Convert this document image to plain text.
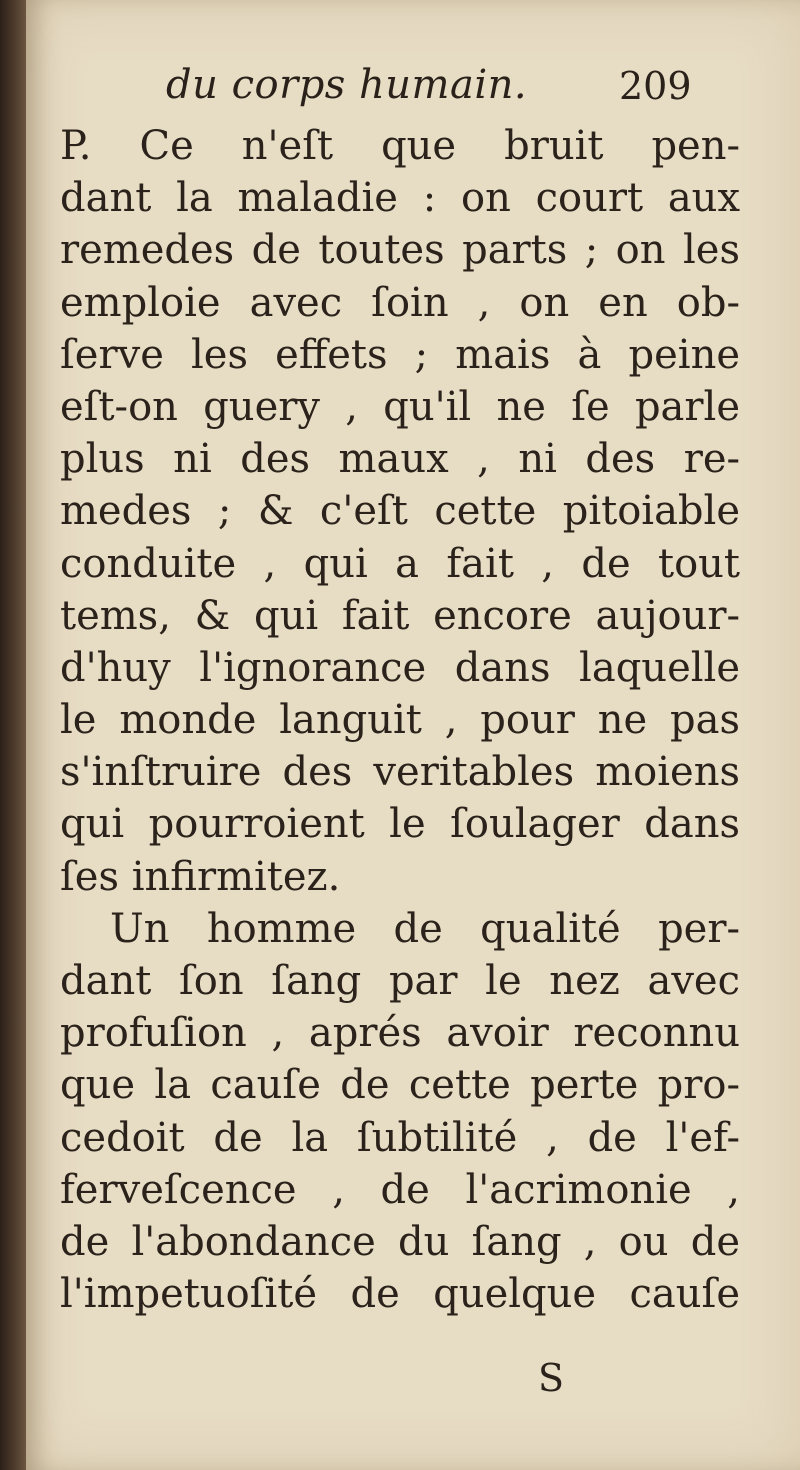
du corps humain. 209
P. Ce n'eſt que bruit pen-
dant la maladie : on court aux
remedes de toutes parts ; on les
emploie avec ſoin , on en ob-
ſerve les effets ; mais à peine
eſt-on guery , qu'il ne ſe parle
plus ni des maux , ni des re-
medes ; & c'eſt cette pitoiable
conduite , qui a fait , de tout
tems, & qui fait encore aujour-
d'huy l'ignorance dans laquelle
le monde languit , pour ne pas
s'inſtruire des veritables moiens
qui pourroient le ſoulager dans
ſes infirmitez.
Un homme de qualité per-
dant ſon ſang par le nez avec
profuſion , aprés avoir reconnu
que la cauſe de cette perte pro-
cedoit de la ſubtilité , de l'ef-
ferveſcence , de l'acrimonie ,
de l'abondance du ſang , ou de
l'impetuoſité de quelque cauſe
S
